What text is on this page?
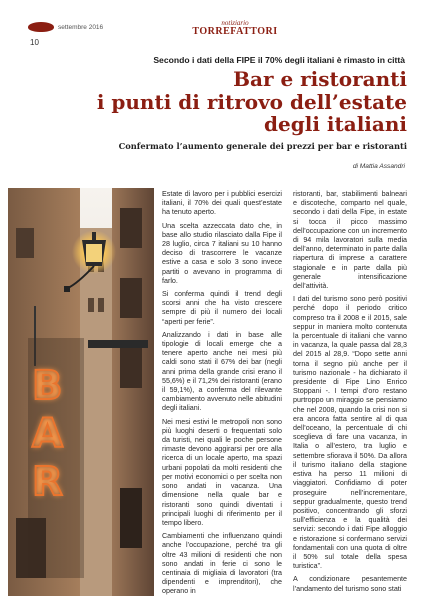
settembre 2016
10
notiziario
TORREFATTORI
Secondo i dati della FIPE il 70% degli italiani è rimasto in città
Bar e ristoranti
i punti di ritrovo dell’estate
degli italiani
Confermato l’aumento generale dei prezzi per bar e ristoranti
di Mattia Assandri
B
A
R

Estate di lavoro per i pubblici esercizi italiani, il 70% dei quali quest’estate ha tenuto aperto.

Una scelta azzeccata dato che, in base allo studio rilasciato dalla Fipe il 28 luglio, circa 7 italiani su 10 hanno deciso di trascorrere le vacanze estive a casa e solo 3 sono invece partiti o avevano in programma di farlo.

Si conferma quindi il trend degli scorsi anni che ha visto crescere sempre di più il numero dei locali “aperti per ferie”.

Analizzando i dati in base alle tipologie di locali emerge che a tenere aperto anche nei mesi più caldi sono stati il 67% dei bar (negli anni prima della grande crisi erano il 55,6%) e il 71,2% dei ristoranti (erano il 59,1%), a conferma del rilevante cambiamento avvenuto nelle abitudini degli italiani.

Nei mesi estivi le metropoli non sono più luoghi deserti o frequentati solo da turisti, nei quali le poche persone rimaste devono aggirarsi per ore alla ricerca di un locale aperto, ma spazi urbani popolati da molti residenti che per motivi economici o per scelta non sono andati in vacanza. Una dimensione nella quale bar e ristoranti sono quindi diventati i principali luoghi di riferimento per il tempo libero.

Cambiamenti che influenzano quindi anche l’occupazione, perché tra gli oltre 43 milioni di residenti che non sono andati in ferie ci sono le centinaia di migliaia di lavoratori (tra dipendenti e imprenditori), che operano in

ristoranti, bar, stabilimenti balneari e discoteche, comparto nel quale, secondo i dati della Fipe, in estate si tocca il picco massimo dell’occupazione con un incremento di 94 mila lavoratori sulla media dell’anno, determinato in parte dalla riapertura di imprese a carattere stagionale e in parte dalla più generale intensificazione dell’attività.

I dati del turismo sono però positivi perché dopo il periodo critico compreso tra il 2008 e il 2015, sale seppur in maniera molto contenuta la percentuale di italiani che vanno in vacanza, la quale passa dal 28,3 del 2015 al 28,9. “Dopo sette anni torna il segno più anche per il turismo nazionale - ha dichiarato il presidente di Fipe Lino Enrico Stoppani -. I tempi d’oro restano purtroppo un miraggio se pensiamo che nel 2008, quando la crisi non si era ancora fatta sentire al di qua dell’oceano, la percentuale di chi sceglieva di fare una vacanza, in Italia o all’estero, tra luglio e settembre sfiorava il 50%. Da allora il turismo italiano della stagione estiva ha perso 11 milioni di viaggiatori. Confidiamo di poter proseguire nell’incrementare, seppur gradualmente, questo trend positivo, concentrando gli sforzi sull’efficienza e la qualità dei servizi: secondo i dati Fipe alloggio e ristorazione si confermano servizi fondamentali con una quota di oltre il 50% sul totale della spesa turistica”.

A condizionare pesantemente l’andamento del turismo sono stati
